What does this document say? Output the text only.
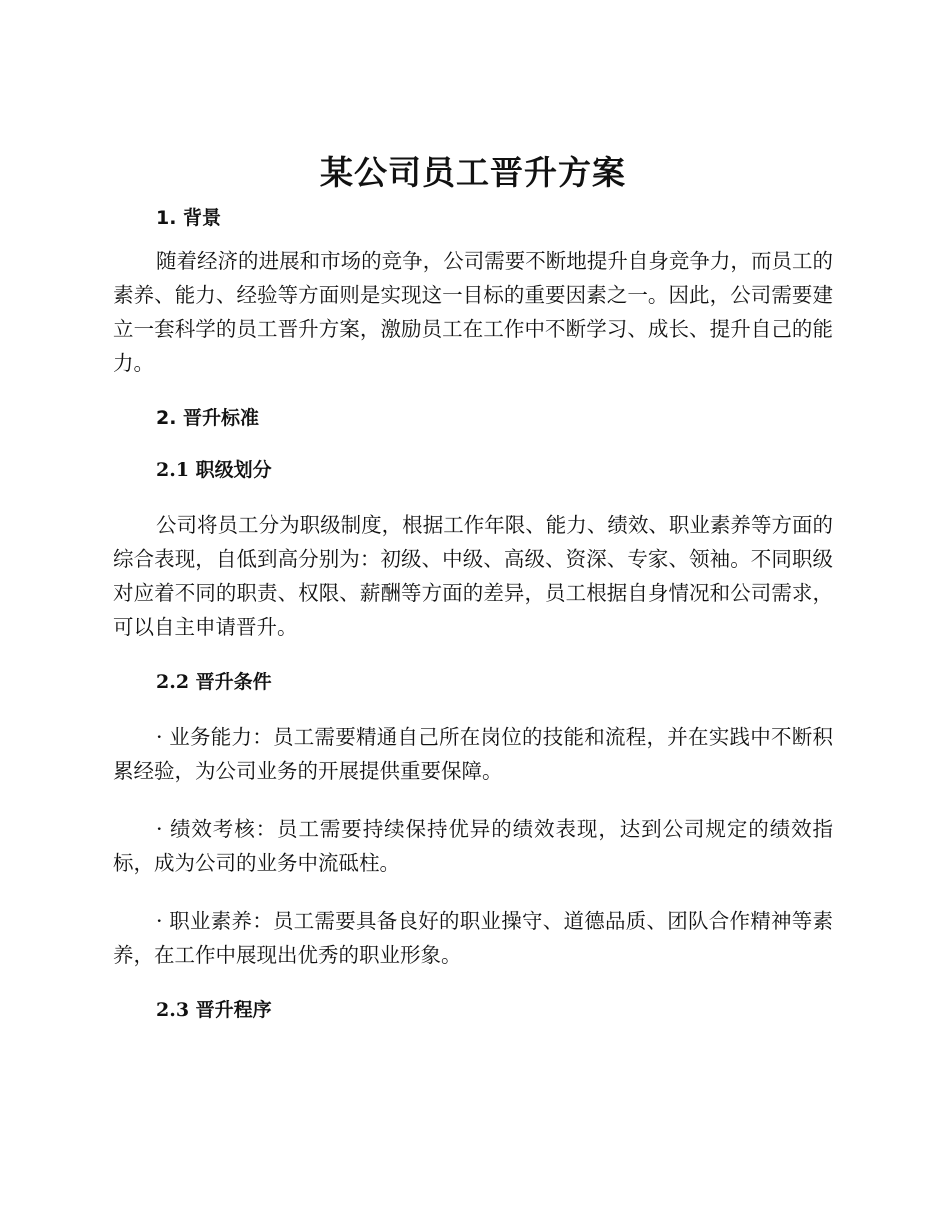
某公司员工晋升方案
1. 背景

随着经济的进展和市场的竞争，公司需要不断地提升自身竞争力，而员工的素养、能力、经验等方面则是实现这一目标的重要因素之一。因此，公司需要建立一套科学的员工晋升方案，激励员工在工作中不断学习、成长、提升自己的能力。

2. 晋升标准
2.1 职级划分

公司将员工分为职级制度，根据工作年限、能力、绩效、职业素养等方面的综合表现，自低到高分别为：初级、中级、高级、资深、专家、领袖。不同职级对应着不同的职责、权限、薪酬等方面的差异，员工根据自身情况和公司需求，可以自主申请晋升。

2.2 晋升条件

· 业务能力：员工需要精通自己所在岗位的技能和流程，并在实践中不断积累经验，为公司业务的开展提供重要保障。

· 绩效考核：员工需要持续保持优异的绩效表现，达到公司规定的绩效指标，成为公司的业务中流砥柱。

· 职业素养：员工需要具备良好的职业操守、道德品质、团队合作精神等素养，在工作中展现出优秀的职业形象。

2.3 晋升程序
